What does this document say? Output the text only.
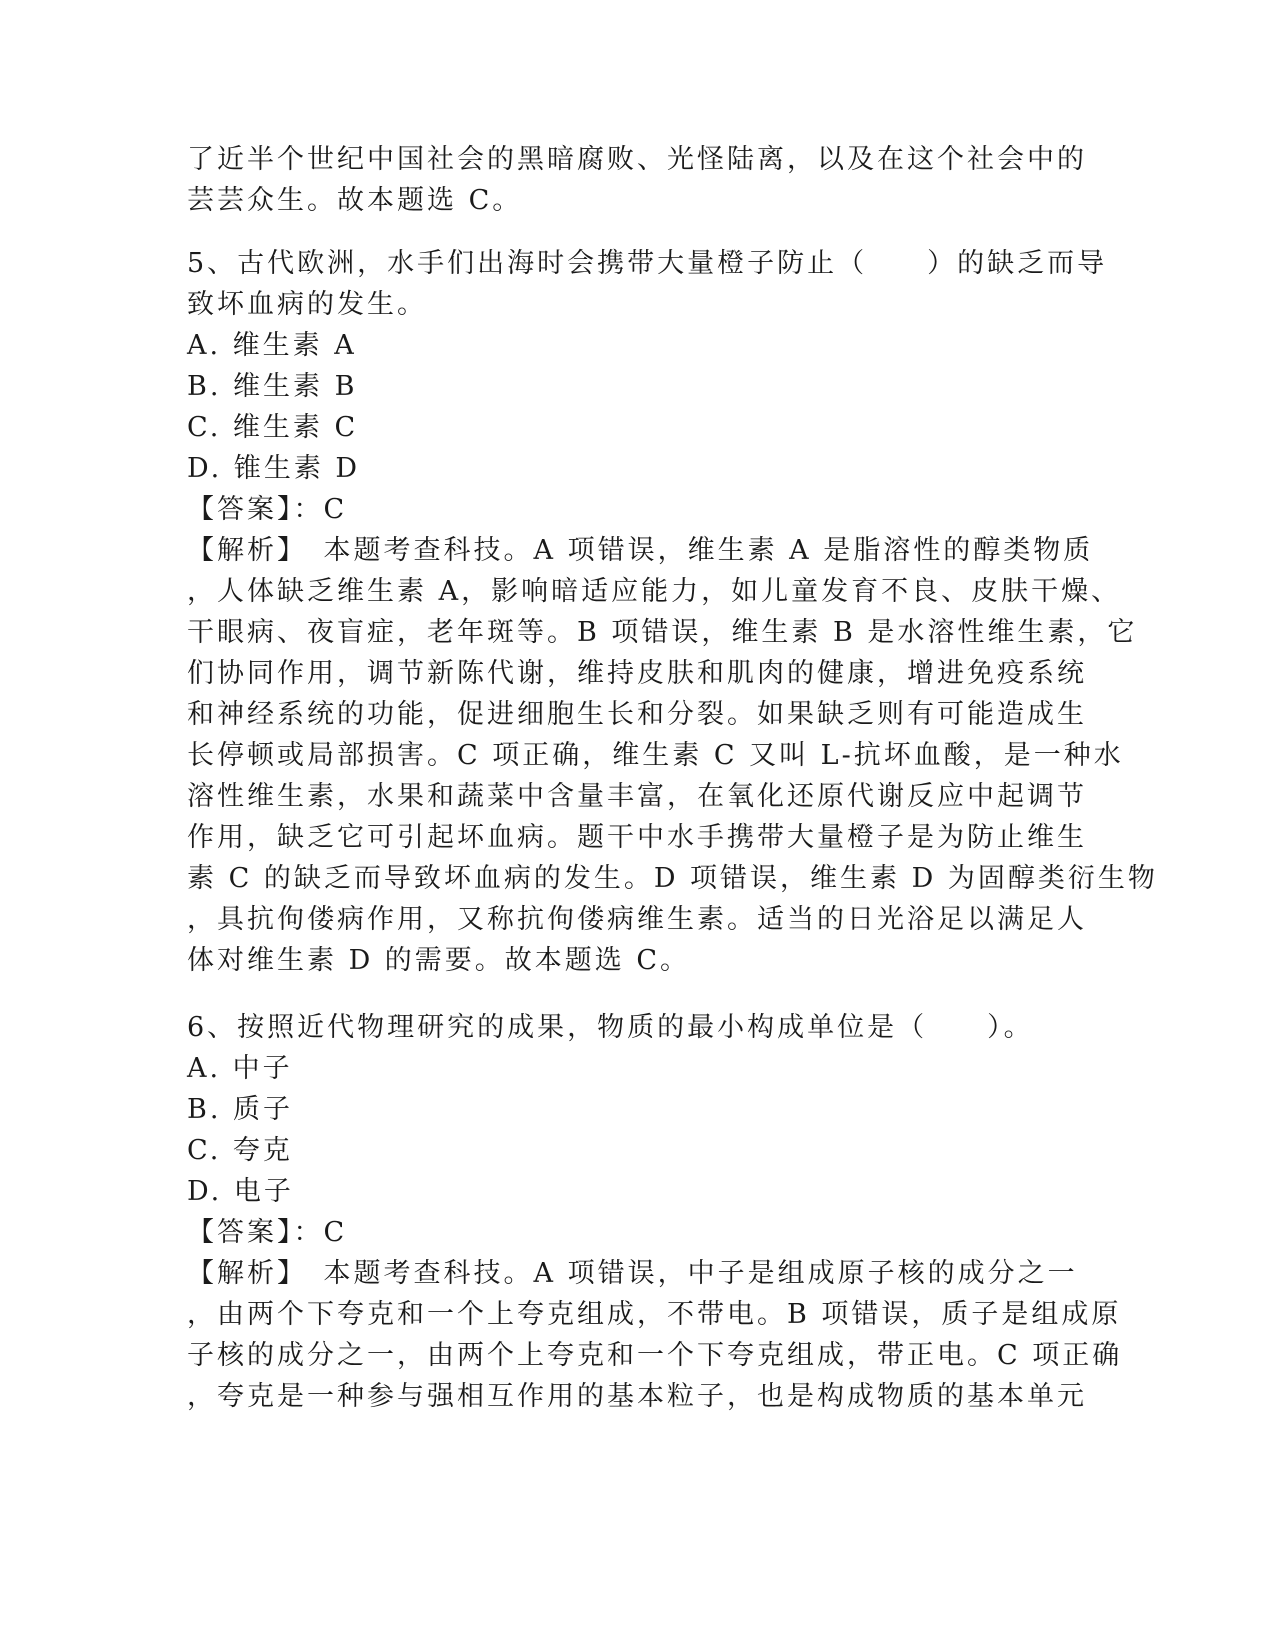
了近半个世纪中国社会的黑暗腐败、光怪陆离，以及在这个社会中的
芸芸众生。故本题选 C。
5、古代欧洲，水手们出海时会携带大量橙子防止（　　）的缺乏而导
致坏血病的发生。
A. 维生素 A
B. 维生素 B
C. 维生素 C
D. 锥生素 D
【答案】：C
【解析】　本题考查科技。A 项错误，维生素 A 是脂溶性的醇类物质
，人体缺乏维生素 A，影响暗适应能力，如儿童发育不良、皮肤干燥、
干眼病、夜盲症，老年斑等。B 项错误，维生素 B 是水溶性维生素，它
们协同作用，调节新陈代谢，维持皮肤和肌肉的健康，增进免疫系统
和神经系统的功能，促进细胞生长和分裂。如果缺乏则有可能造成生
长停顿或局部损害。C 项正确，维生素 C 又叫 L-抗坏血酸，是一种水
溶性维生素，水果和蔬菜中含量丰富，在氧化还原代谢反应中起调节
作用，缺乏它可引起坏血病。题干中水手携带大量橙子是为防止维生
素 C 的缺乏而导致坏血病的发生。D 项错误，维生素 D 为固醇类衍生物
，具抗佝偻病作用，又称抗佝偻病维生素。适当的日光浴足以满足人
体对维生素 D 的需要。故本题选 C。
6、按照近代物理研究的成果，物质的最小构成单位是（　　）。
A. 中子
B. 质子
C. 夸克
D. 电子
【答案】：C
【解析】　本题考查科技。A 项错误，中子是组成原子核的成分之一
，由两个下夸克和一个上夸克组成，不带电。B 项错误，质子是组成原
子核的成分之一，由两个上夸克和一个下夸克组成，带正电。C 项正确
，夸克是一种参与强相互作用的基本粒子，也是构成物质的基本单元
